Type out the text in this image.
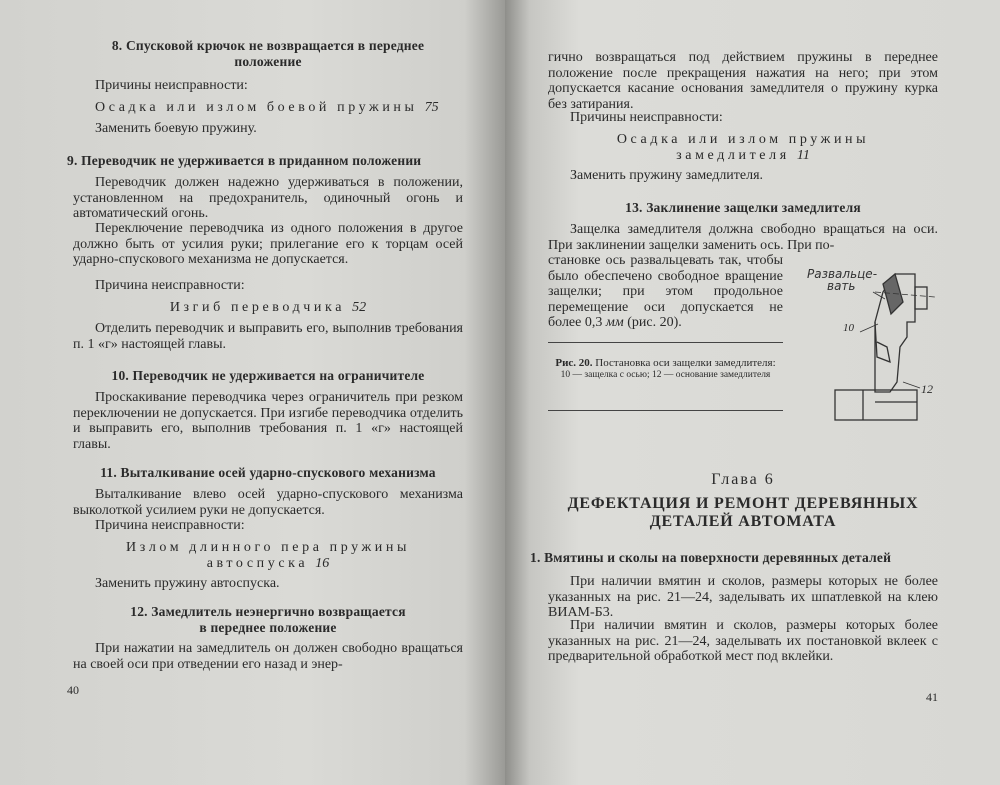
8. Спусковой крючок не возвращается в переднее
положение
Причины неисправности:
Осадка или излом боевой пружины 75
Заменить боевую пружину.
9. Переводчик не удерживается в приданном положении
Переводчик должен надежно удерживаться в положении, установленном на предохранитель, одиночный огонь и автоматический огонь.
Переключение переводчика из одного положения в другое должно быть от усилия руки; прилегание его к торцам осей ударно-спускового механизма не допускается.
Причина неисправности:
Изгиб переводчика 52
Отделить переводчик и выправить его, выполнив требования п. 1 «г» настоящей главы.
10. Переводчик не удерживается на ограничителе
Проскакивание переводчика через ограничитель при резком переключении не допускается. При изгибе переводчика отделить и выправить его, выполнив требования п. 1 «г» настоящей главы.
11. Выталкивание осей ударно-спускового механизма
Выталкивание влево осей ударно-спускового механизма выколоткой усилием руки не допускается.
Причина неисправности:
Излом длинного пера пружины
автоспуска 16
Заменить пружину автоспуска.
12. Замедлитель неэнергично возвращается
в переднее положение
При нажатии на замедлитель он должен свободно вращаться на своей оси при отведении его назад и энер-
40
гично возвращаться под действием пружины в переднее положение после прекращения нажатия на него; при этом допускается касание основания замедлителя о пружину курка без затирания.
Причины неисправности:
Осадка или излом пружины
замедлителя 11
Заменить пружину замедлителя.
13. Заклинение защелки замедлителя
Защелка замедлителя должна свободно вращаться на оси. При заклинении защелки заменить ось. При по-
становке ось развальцевать так, чтобы было обеспечено свободное вращение защелки; при этом продольное перемещение оси допускается не более 0,3 мм (рис. 20).
Рис. 20. Постановка оси защелки замедлителя:
10 — защелка с осью; 12 — основание замедлителя
Глава 6
ДЕФЕКТАЦИЯ И РЕМОНТ ДЕРЕВЯННЫХ
ДЕТАЛЕЙ АВТОМАТА
1. Вмятины и сколы на поверхности деревянных деталей
При наличии вмятин и сколов, размеры которых не более указанных на рис. 21—24, заделывать их шпатлевкой на клею ВИАМ-Б3.
При наличии вмятин и сколов, размеры которых более указанных на рис. 21—24, заделывать их постановкой вклеек с предварительной обработкой мест под вклейки.
41
Развальце-
вать
10
12
